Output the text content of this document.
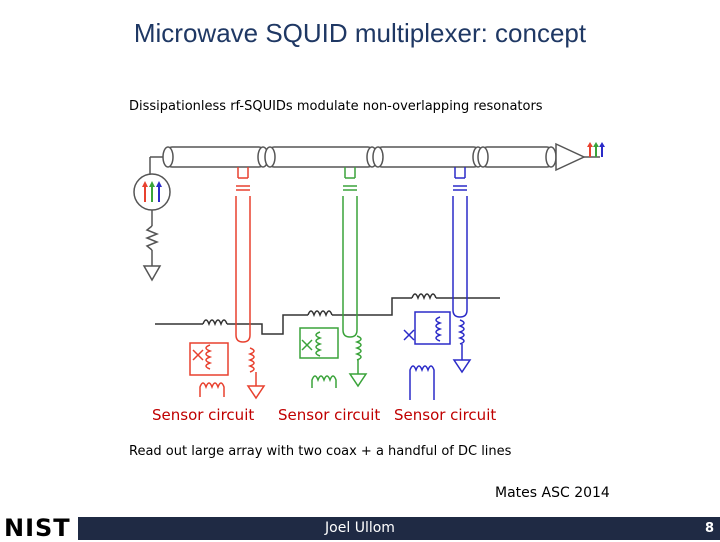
Microwave SQUID multiplexer: concept
Dissipationless rf-SQUIDs modulate non-overlapping resonators
Sensor circuit Sensor circuit Sensor circuit
Read out large array with two coax + a handful of DC lines
Mates ASC 2014
NIST	Joel Ullom	8
